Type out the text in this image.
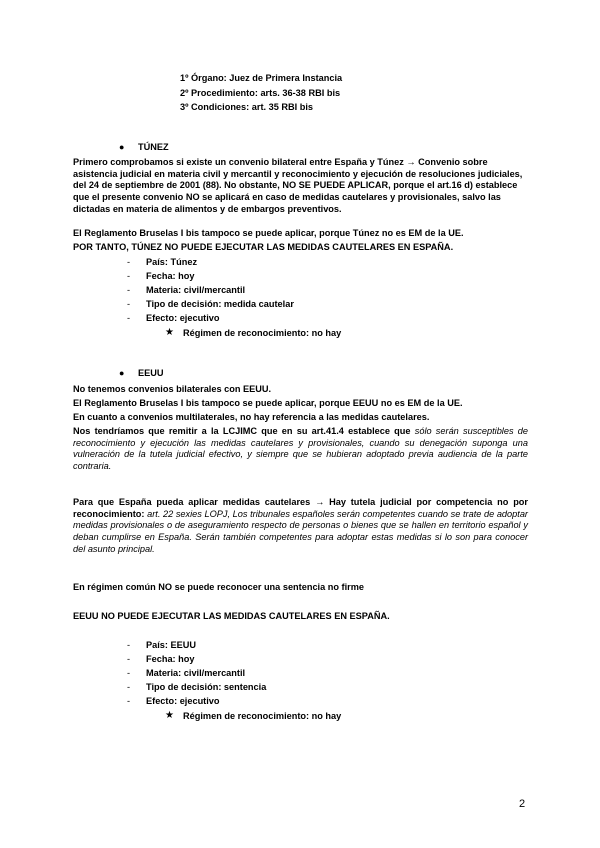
1º Órgano: Juez de Primera Instancia
2º Procedimiento: arts. 36-38 RBI bis
3º Condiciones: art. 35 RBI bis
● TÚNEZ
Primero comprobamos si existe un convenio bilateral entre España y Túnez → Convenio sobre asistencia judicial en materia civil y mercantil y reconocimiento y ejecución de resoluciones judiciales, del 24 de septiembre de 2001 (88). No obstante, NO SE PUEDE APLICAR, porque el art.16 d) establece que el presente convenio NO se aplicará en caso de medidas cautelares y provisionales, salvo las dictadas en materia de alimentos y de embargos preventivos.
El Reglamento Bruselas I bis tampoco se puede aplicar, porque Túnez no es EM de la UE.
POR TANTO, TÚNEZ NO PUEDE EJECUTAR LAS MEDIDAS CAUTELARES EN ESPAÑA.
- País: Túnez
- Fecha: hoy
- Materia: civil/mercantil
- Tipo de decisión: medida cautelar
- Efecto: ejecutivo
★ Régimen de reconocimiento: no hay
● EEUU
No tenemos convenios bilaterales con EEUU.
El Reglamento Bruselas I bis tampoco se puede aplicar, porque EEUU no es EM de la UE.
En cuanto a convenios multilaterales, no hay referencia a las medidas cautelares.
Nos tendríamos que remitir a la LCJIMC que en su art.41.4 establece que sólo serán susceptibles de reconocimiento y ejecución las medidas cautelares y provisionales, cuando su denegación suponga una vulneración de la tutela judicial efectivo, y siempre que se hubieran adoptado previa audiencia de la parte contraria.
Para que España pueda aplicar medidas cautelares → Hay tutela judicial por competencia no por reconocimiento: art. 22 sexies LOPJ, Los tribunales españoles serán competentes cuando se trate de adoptar medidas provisionales o de aseguramiento respecto de personas o bienes que se hallen en territorio español y deban cumplirse en España. Serán también competentes para adoptar estas medidas si lo son para conocer del asunto principal.
En régimen común NO se puede reconocer una sentencia no firme
EEUU NO PUEDE EJECUTAR LAS MEDIDAS CAUTELARES EN ESPAÑA.
- País: EEUU
- Fecha: hoy
- Materia: civil/mercantil
- Tipo de decisión: sentencia
- Efecto: ejecutivo
★ Régimen de reconocimiento: no hay
2
